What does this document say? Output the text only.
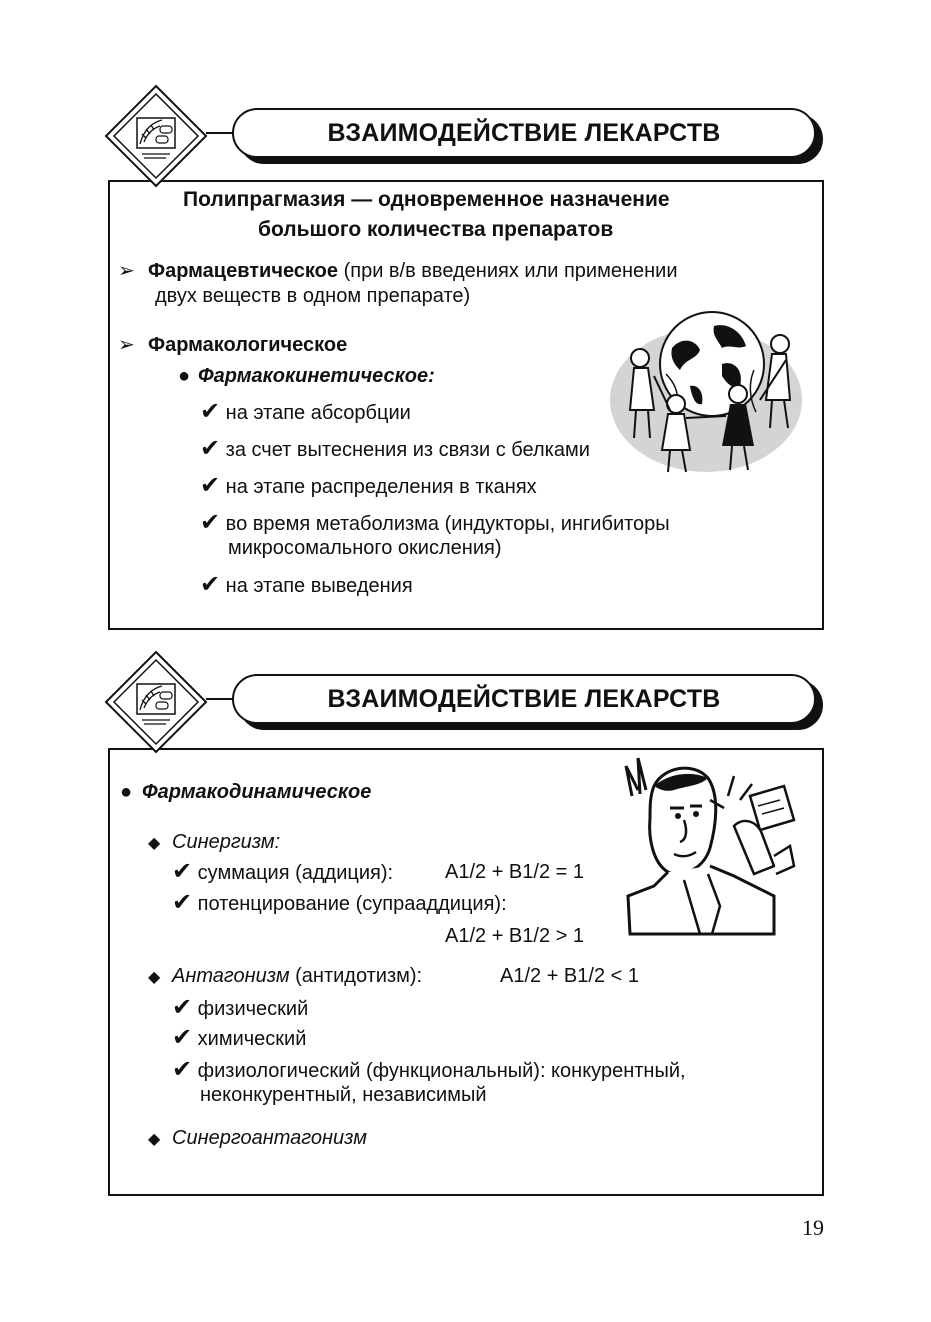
ВЗАИМОДЕЙСТВИЕ ЛЕКАРСТВ
Полипрагмазия — одновременное назначение
большого количества препаратов
➢ Фармацевтическое (при в/в введениях или применении
двух веществ в одном препарате)
➢ Фармакологическое
● Фармакокинетическое:
✔ на этапе абсорбции
✔ за счет вытеснения из связи с белками
✔ на этапе распределения в тканях
✔ во время метаболизма (индукторы, ингибиторы
микросомального окисления)
✔ на этапе выведения
ВЗАИМОДЕЙСТВИЕ ЛЕКАРСТВ
● Фармакодинамическое
◆ Синергизм:
✔ суммация (аддиция):	A1/2 + B1/2 = 1
✔ потенцирование (супрааддиция):
A1/2 + B1/2 > 1
◆ Антагонизм (антидотизм):	A1/2 + B1/2 < 1
✔ физический
✔ химический
✔ физиологический (функциональный): конкурентный,
неконкурентный, независимый
◆ Синергоантагонизм
19
